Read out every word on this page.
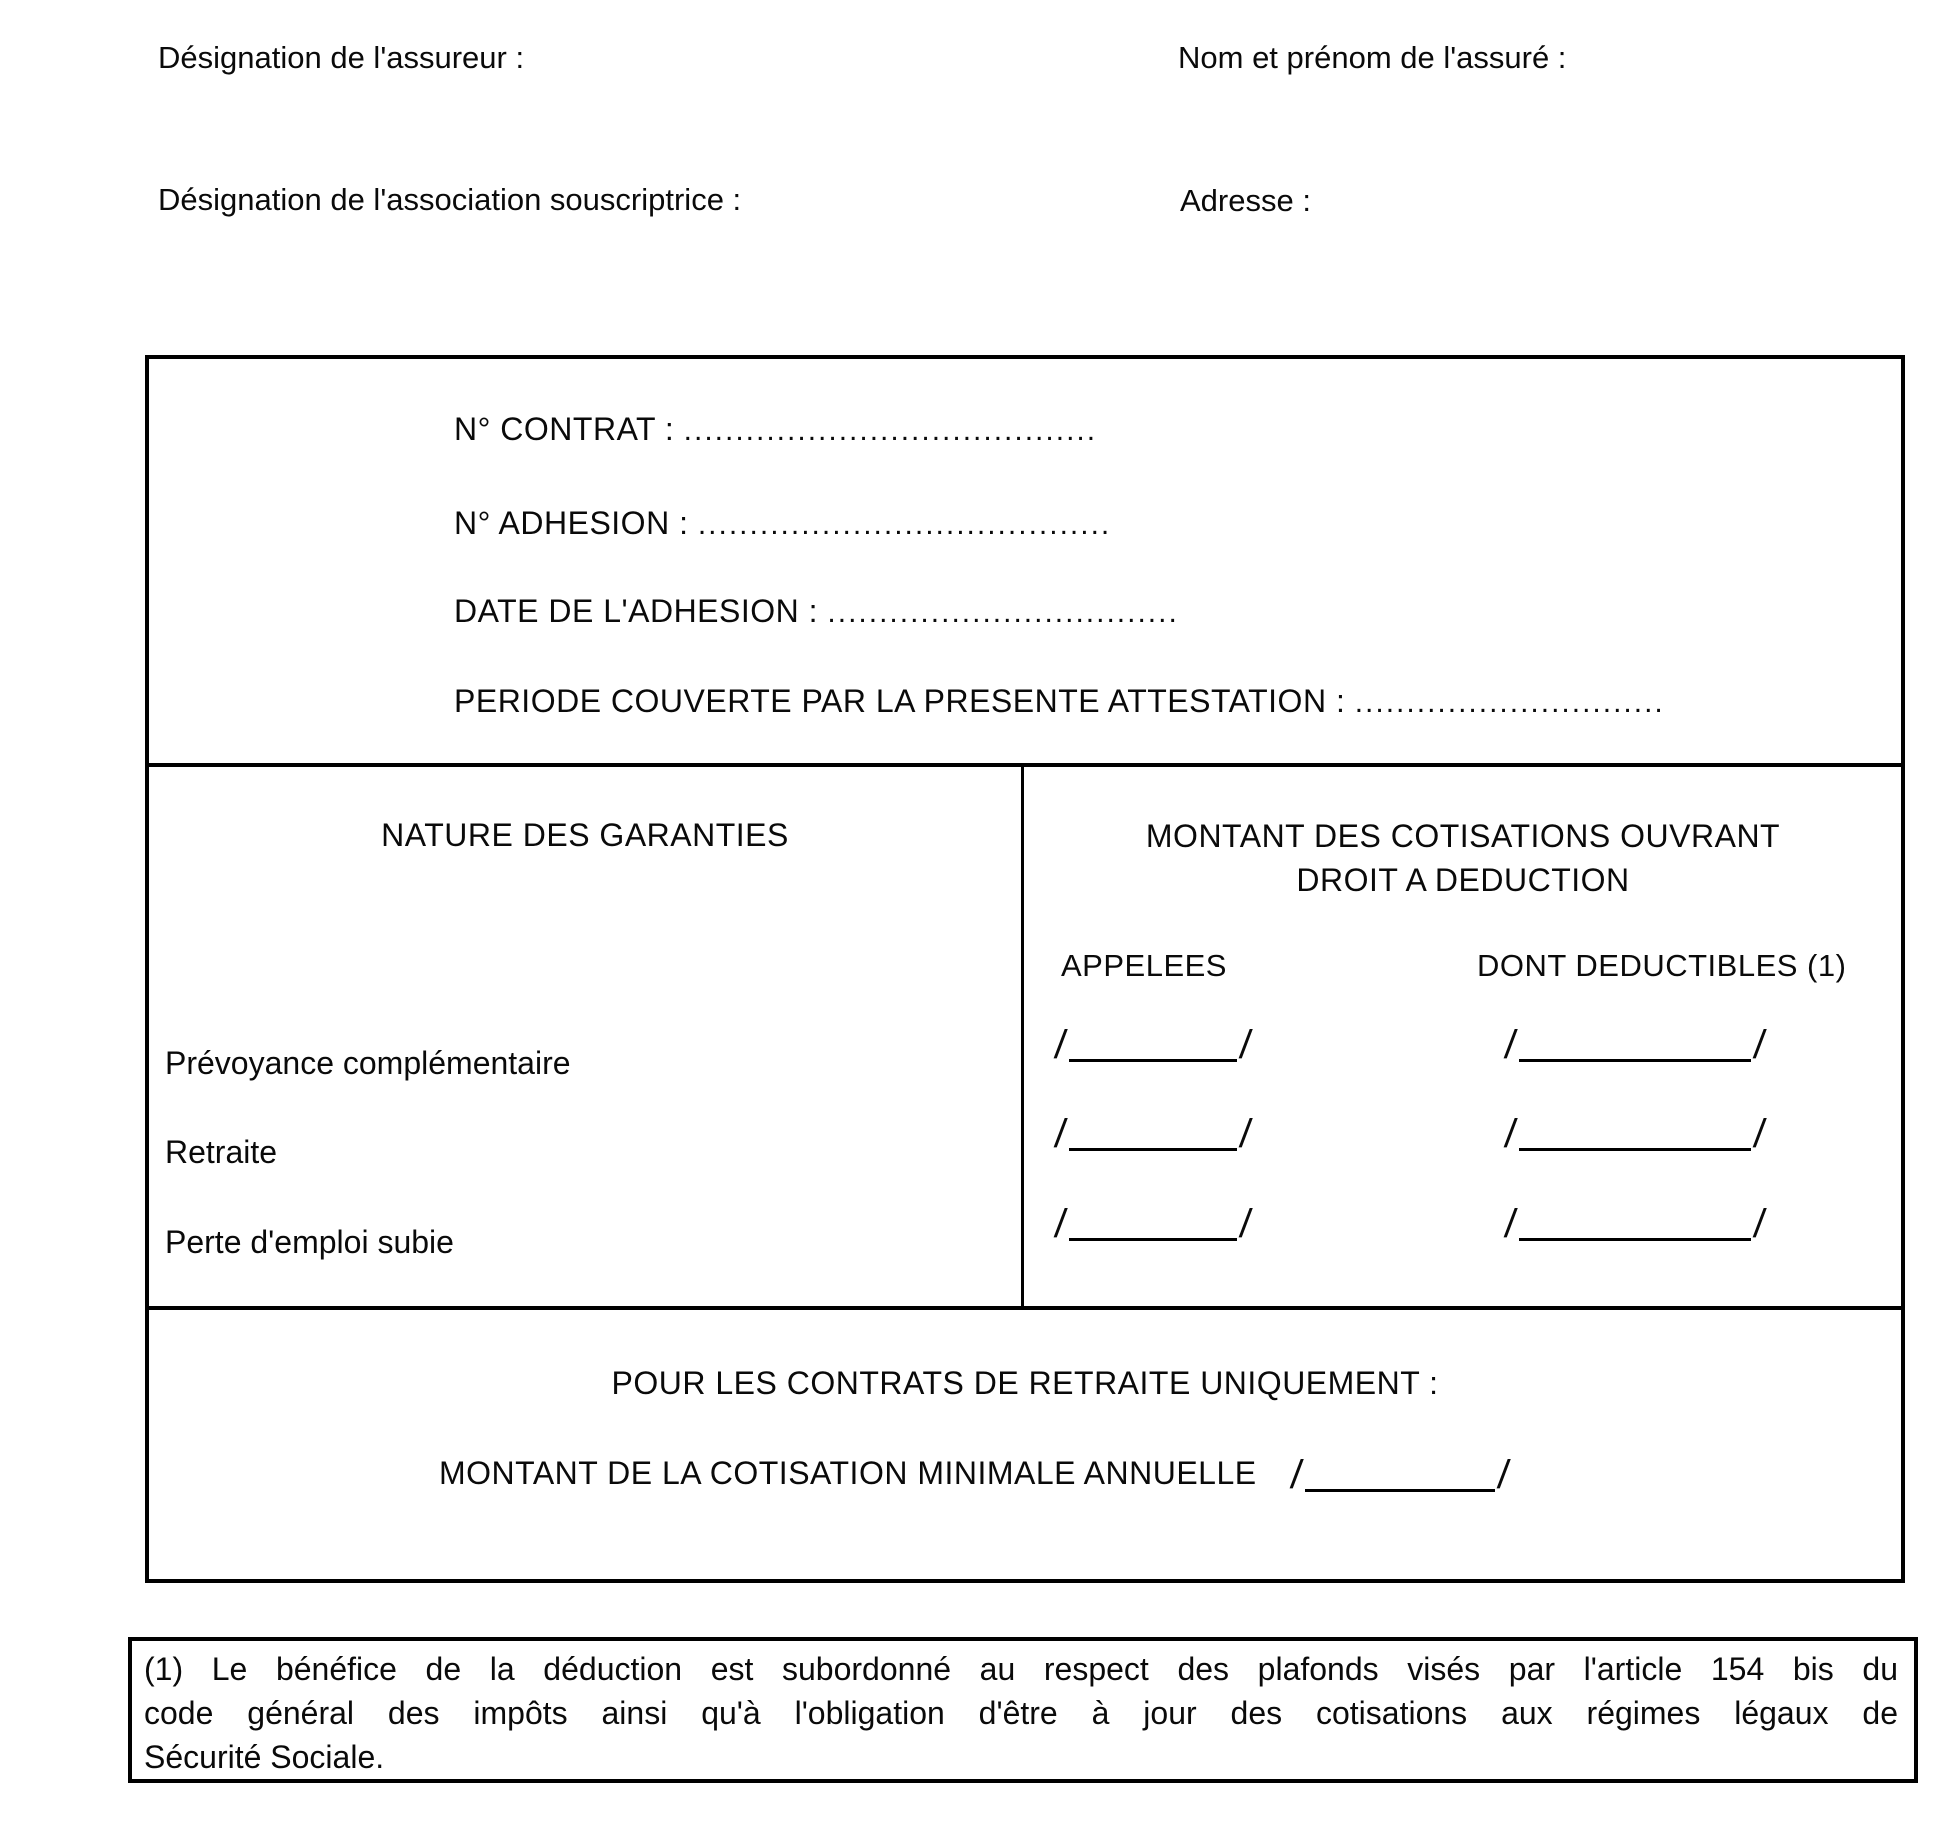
Désignation de l'assureur :	Nom et prénom de l'assuré :
Désignation de l'association souscriptrice :	Adresse :
N° CONTRAT : ........................................
N° ADHESION : ........................................
DATE DE L'ADHESION : ..................................
PERIODE COUVERTE PAR LA PRESENTE ATTESTATION : ..............................
NATURE DES GARANTIES	MONTANT DES COTISATIONS OUVRANT
DROIT A DEDUCTION
APPELEES	DONT DEDUCTIBLES (1)
Prévoyance complémentaire	/	/	/	/
Retraite	/	/	/	/
Perte d'emploi subie	/	/	/	/
POUR LES CONTRATS DE RETRAITE UNIQUEMENT :
MONTANT DE LA COTISATION MINIMALE ANNUELLE /	/
(1) Le bénéfice de la déduction est subordonné au respect des plafonds visés par l'article 154 bis du
code général des impôts ainsi qu'à l'obligation d'être à jour des cotisations aux régimes légaux de
Sécurité Sociale.
